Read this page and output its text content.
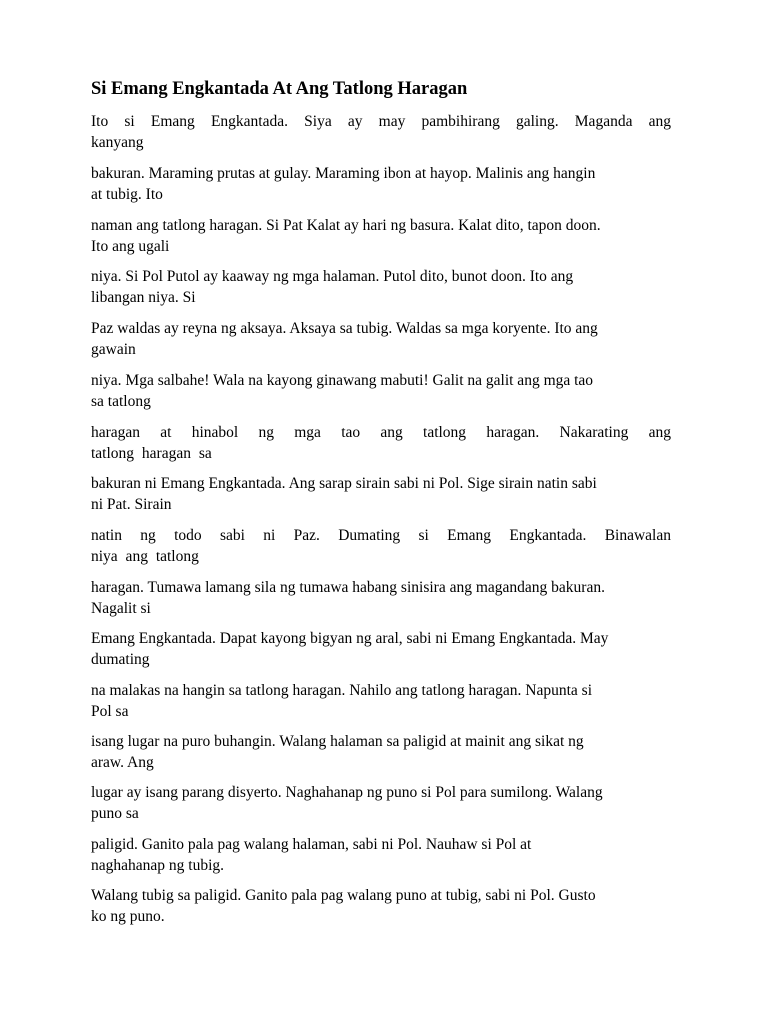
Si Emang Engkantada At Ang Tatlong Haragan

Ito si Emang Engkantada. Siya ay may pambihirang galing. Maganda ang
kanyang

bakuran. Maraming prutas at gulay. Maraming ibon at hayop. Malinis ang hangin
at tubig. Ito

naman ang tatlong haragan. Si Pat Kalat ay hari ng basura. Kalat dito, tapon doon.
Ito ang ugali

niya. Si Pol Putol ay kaaway ng mga halaman. Putol dito, bunot doon. Ito ang
libangan niya. Si

Paz waldas ay reyna ng aksaya. Aksaya sa tubig. Waldas sa mga koryente. Ito ang
gawain

niya. Mga salbahe! Wala na kayong ginawang mabuti! Galit na galit ang mga tao
sa tatlong

haragan at hinabol ng mga tao ang tatlong haragan. Nakarating ang
tatlong haragan sa

bakuran ni Emang Engkantada. Ang sarap sirain sabi ni Pol. Sige sirain natin sabi
ni Pat. Sirain

natin ng todo sabi ni Paz. Dumating si Emang Engkantada. Binawalan
niya ang tatlong

haragan. Tumawa lamang sila ng tumawa habang sinisira ang magandang bakuran.
Nagalit si

Emang Engkantada. Dapat kayong bigyan ng aral, sabi ni Emang Engkantada. May
dumating

na malakas na hangin sa tatlong haragan. Nahilo ang tatlong haragan. Napunta si
Pol sa

isang lugar na puro buhangin. Walang halaman sa paligid at mainit ang sikat ng
araw. Ang

lugar ay isang parang disyerto. Naghahanap ng puno si Pol para sumilong. Walang
puno sa

paligid. Ganito pala pag walang halaman, sabi ni Pol. Nauhaw si Pol at
naghahanap ng tubig.

Walang tubig sa paligid. Ganito pala pag walang puno at tubig, sabi ni Pol. Gusto
ko ng puno.
